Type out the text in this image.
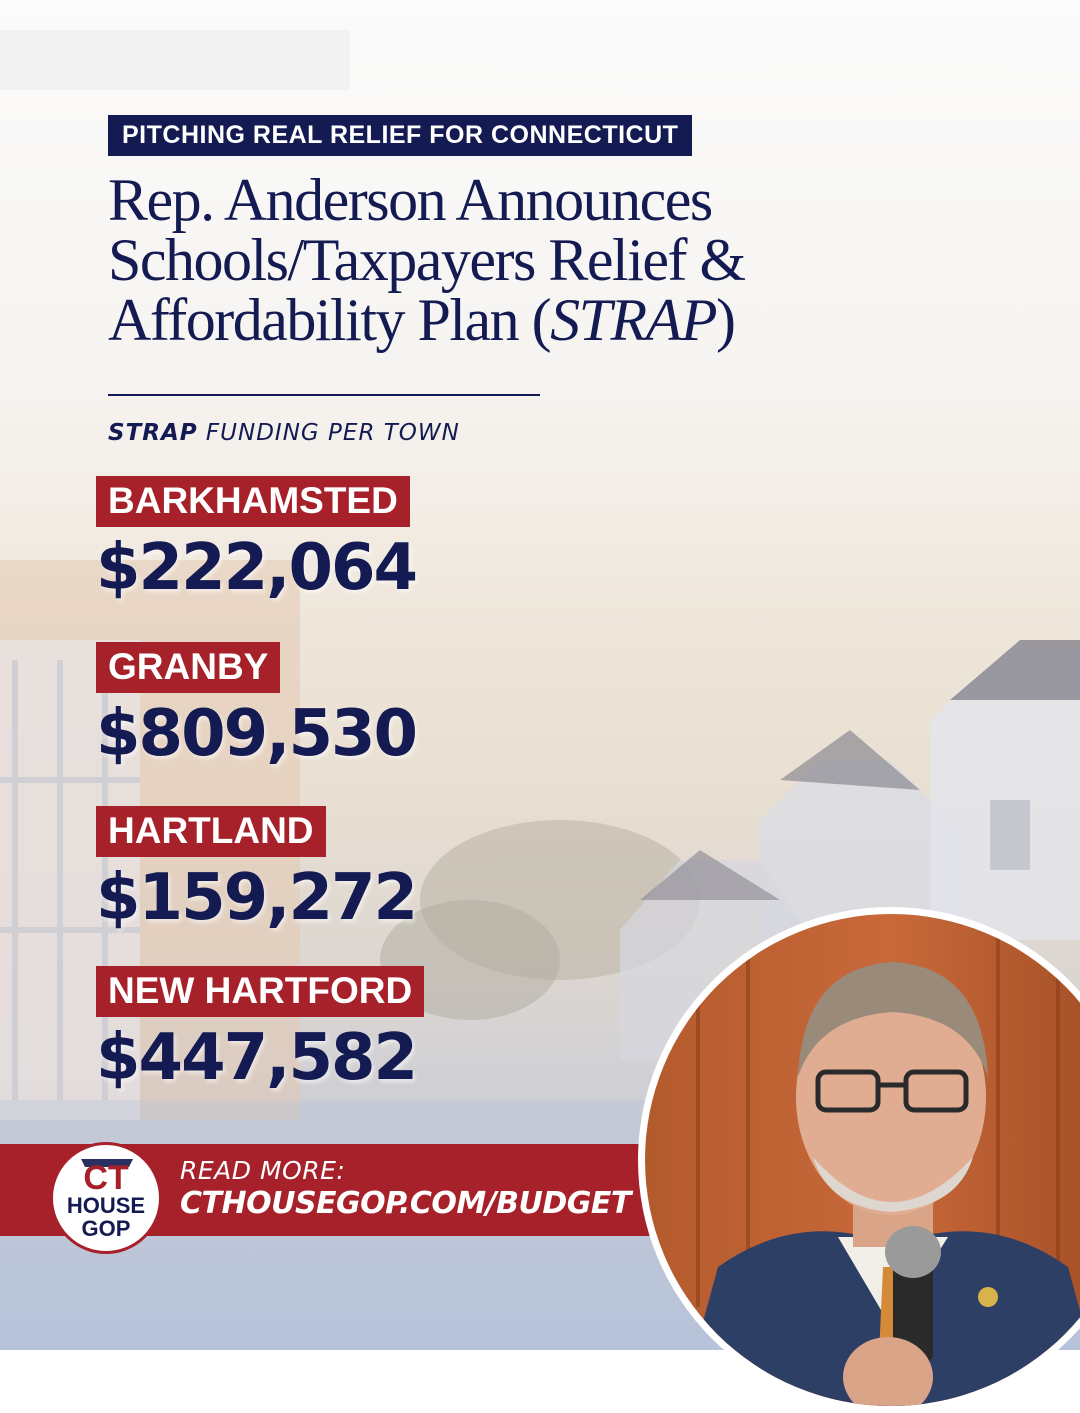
PITCHING REAL RELIEF FOR CONNECTICUT
Rep. Anderson Announces
Schools/Taxpayers Relief &
Affordability Plan (STRAP)
STRAP FUNDING PER TOWN
BARKHAMSTED
$222,064
GRANBY
$809,530
HARTLAND
$159,272
NEW HARTFORD
$447,582
CT
HOUSE
GOP
READ MORE:
CTHOUSEGOP.COM/BUDGET
